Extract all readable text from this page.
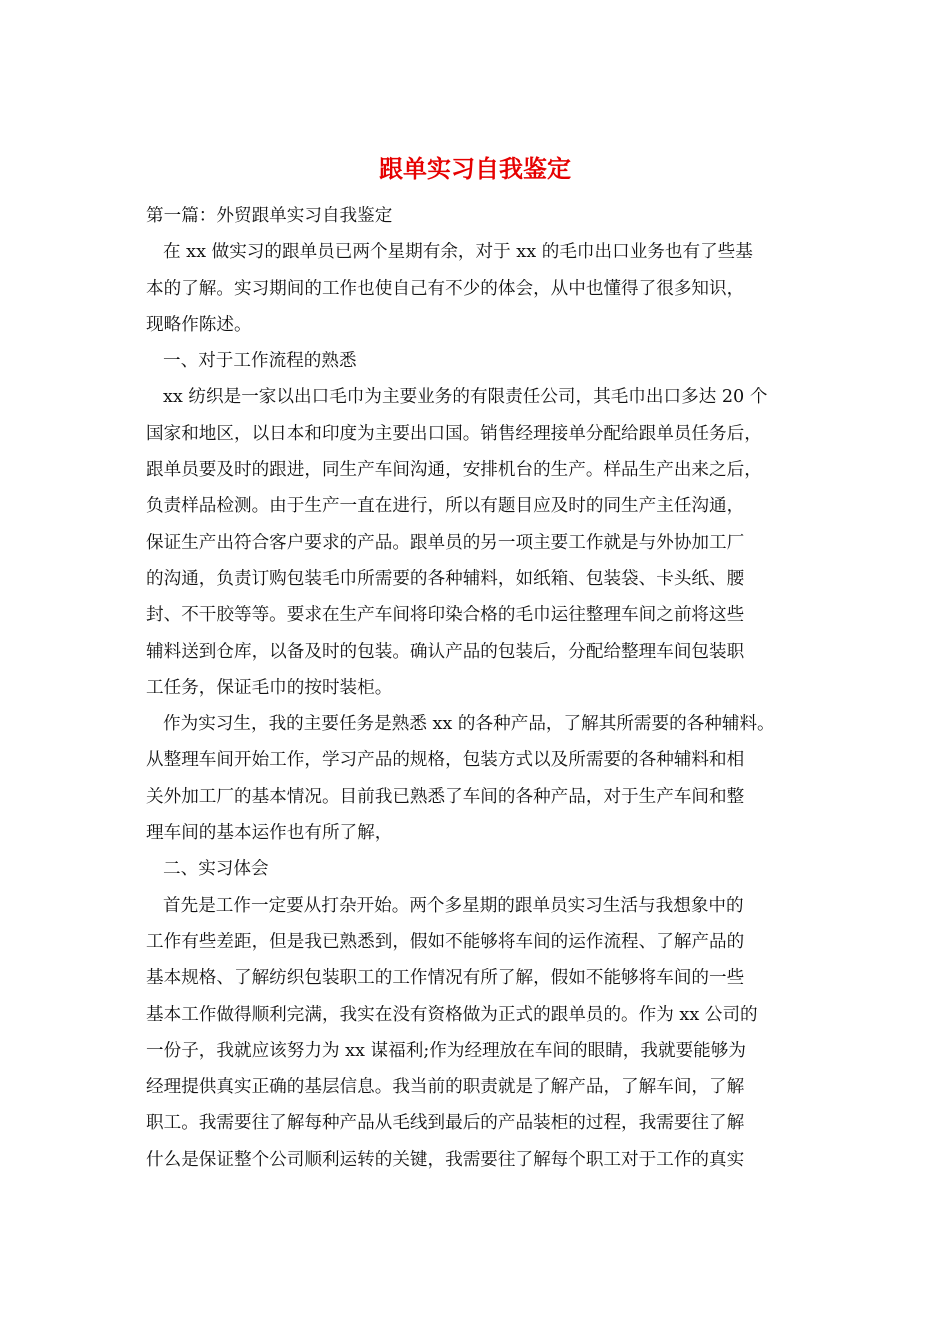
跟单实习自我鉴定
第一篇：外贸跟单实习自我鉴定
在 xx 做实习的跟单员已两个星期有余，对于 xx 的毛巾出口业务也有了些基
本的了解。实习期间的工作也使自己有不少的体会，从中也懂得了很多知识，
现略作陈述。
一、对于工作流程的熟悉
xx 纺织是一家以出口毛巾为主要业务的有限责任公司，其毛巾出口多达 20 个
国家和地区，以日本和印度为主要出口国。销售经理接单分配给跟单员任务后，
跟单员要及时的跟进，同生产车间沟通，安排机台的生产。样品生产出来之后，
负责样品检测。由于生产一直在进行，所以有题目应及时的同生产主任沟通，
保证生产出符合客户要求的产品。跟单员的另一项主要工作就是与外协加工厂
的沟通，负责订购包装毛巾所需要的各种辅料，如纸箱、包装袋、卡头纸、腰
封、不干胶等等。要求在生产车间将印染合格的毛巾运往整理车间之前将这些
辅料送到仓库，以备及时的包装。确认产品的包装后，分配给整理车间包装职
工任务，保证毛巾的按时装柜。
作为实习生，我的主要任务是熟悉 xx 的各种产品，了解其所需要的各种辅料。
从整理车间开始工作，学习产品的规格，包装方式以及所需要的各种辅料和相
关外加工厂的基本情况。目前我已熟悉了车间的各种产品，对于生产车间和整
理车间的基本运作也有所了解，
二、实习体会
首先是工作一定要从打杂开始。两个多星期的跟单员实习生活与我想象中的
工作有些差距，但是我已熟悉到，假如不能够将车间的运作流程、了解产品的
基本规格、了解纺织包装职工的工作情况有所了解，假如不能够将车间的一些
基本工作做得顺利完满，我实在没有资格做为正式的跟单员的。作为 xx 公司的
一份子，我就应该努力为 xx 谋福利;作为经理放在车间的眼睛，我就要能够为
经理提供真实正确的基层信息。我当前的职责就是了解产品，了解车间，了解
职工。我需要往了解每种产品从毛线到最后的产品装柜的过程，我需要往了解
什么是保证整个公司顺利运转的关键，我需要往了解每个职工对于工作的真实
